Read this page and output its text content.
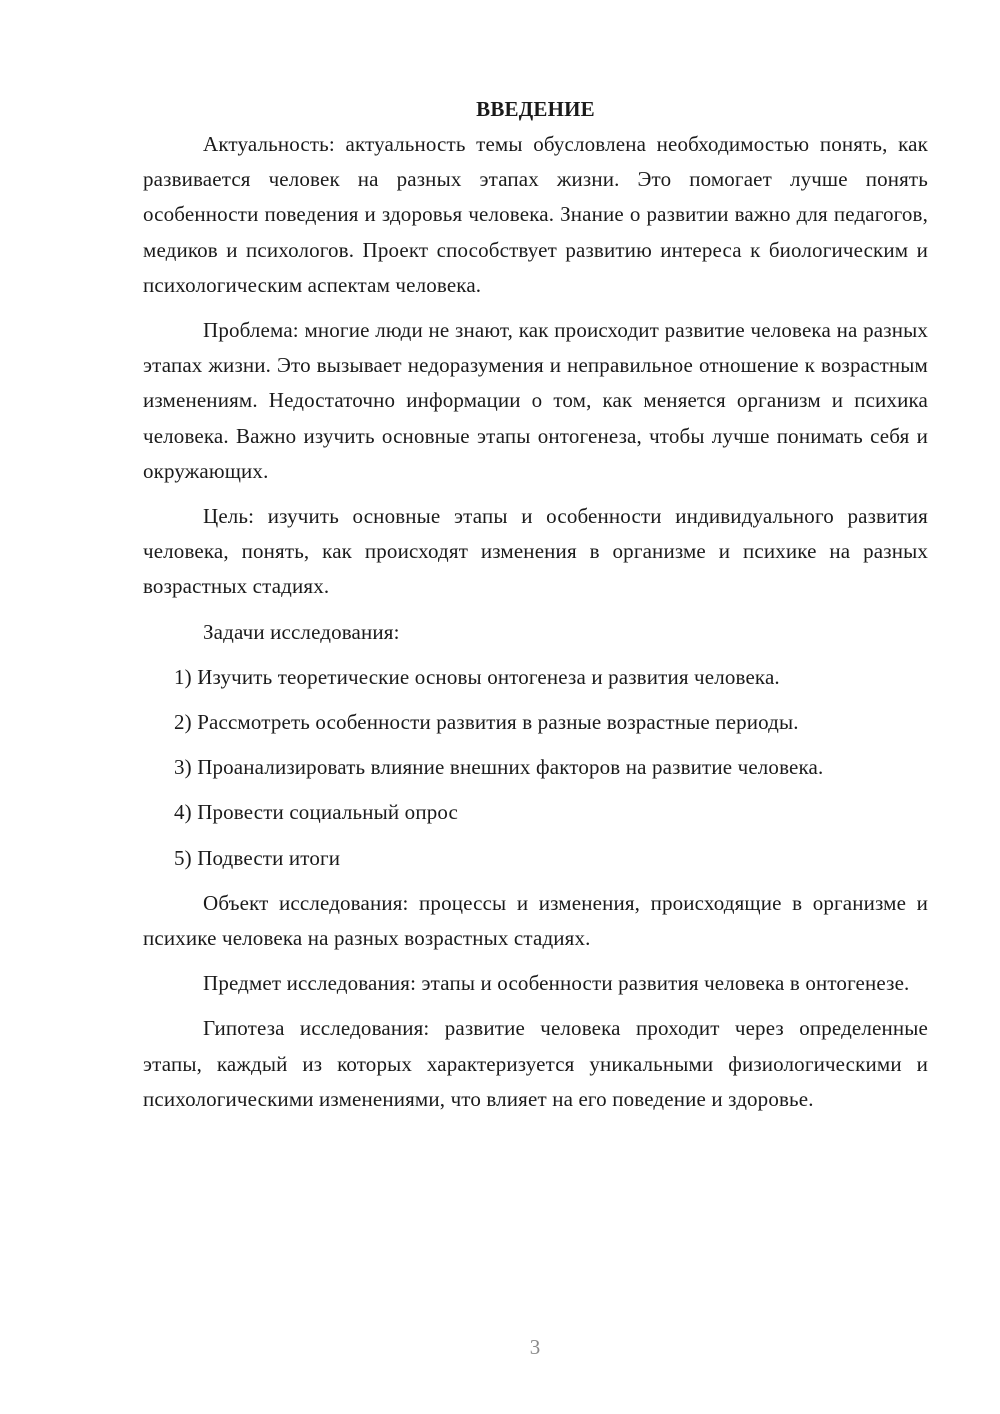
ВВЕДЕНИЕ

Актуальность: актуальность темы обусловлена необходимостью понять, как развивается человек на разных этапах жизни. Это помогает лучше понять особенности поведения и здоровья человека. Знание о развитии важно для педагогов, медиков и психологов. Проект способствует развитию интереса к биологическим и психологическим аспектам человека.

Проблема: многие люди не знают, как происходит развитие человека на разных этапах жизни. Это вызывает недоразумения и неправильное отношение к возрастным изменениям. Недостаточно информации о том, как меняется организм и психика человека. Важно изучить основные этапы онтогенеза, чтобы лучше понимать себя и окружающих.

Цель: изучить основные этапы и особенности индивидуального развития человека, понять, как происходят изменения в организме и психике на разных возрастных стадиях.

Задачи исследования:

1) Изучить теоретические основы онтогенеза и развития человека.

2) Рассмотреть особенности развития в разные возрастные периоды.

3) Проанализировать влияние внешних факторов на развитие человека.

4) Провести социальный опрос

5) Подвести итоги

Объект исследования: процессы и изменения, происходящие в организме и психике человека на разных возрастных стадиях.

Предмет исследования: этапы и особенности развития человека в онтогенезе.

Гипотеза исследования: развитие человека проходит через определенные этапы, каждый из которых характеризуется уникальными физиологическими и психологическими изменениями, что влияет на его поведение и здоровье.

3
